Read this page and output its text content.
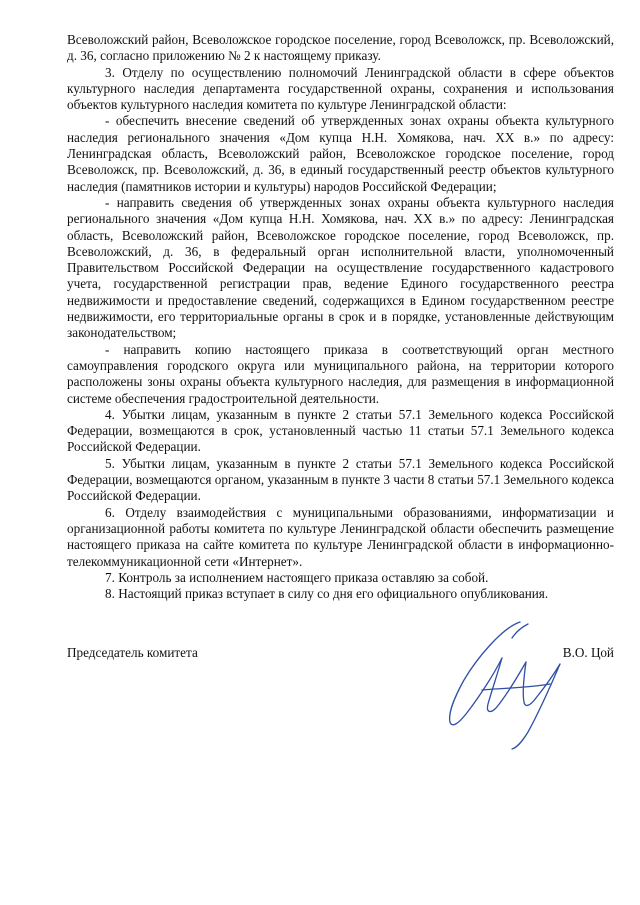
Всеволожский район, Всеволожское городское поселение, город Всеволожск, пр. Всеволожский, д. 36, согласно приложению № 2 к настоящему приказу.

3. Отделу по осуществлению полномочий Ленинградской области в сфере объектов культурного наследия департамента государственной охраны, сохранения и использования объектов культурного наследия комитета по культуре Ленинградской области:

- обеспечить внесение сведений об утвержденных зонах охраны объекта культурного наследия регионального значения «Дом купца Н.Н. Хомякова, нач. XX в.» по адресу: Ленинградская область, Всеволожский район, Всеволожское городское поселение, город Всеволожск, пр. Всеволожский, д. 36, в единый государственный реестр объектов культурного наследия (памятников истории и культуры) народов Российской Федерации;

- направить сведения об утвержденных зонах охраны объекта культурного наследия регионального значения «Дом купца Н.Н. Хомякова, нач. XX в.» по адресу: Ленинградская область, Всеволожский район, Всеволожское городское поселение, город Всеволожск, пр. Всеволожский, д. 36, в федеральный орган исполнительной власти, уполномоченный Правительством Российской Федерации на осуществление государственного кадастрового учета, государственной регистрации прав, ведение Единого государственного реестра недвижимости и предоставление сведений, содержащихся в Едином государственном реестре недвижимости, его территориальные органы в срок и в порядке, установленные действующим законодательством;

- направить копию настоящего приказа в соответствующий орган местного самоуправления городского округа или муниципального района, на территории которого расположены зоны охраны объекта культурного наследия, для размещения в информационной системе обеспечения градостроительной деятельности.

4. Убытки лицам, указанным в пункте 2 статьи 57.1 Земельного кодекса Российской Федерации, возмещаются в срок, установленный частью 11 статьи 57.1 Земельного кодекса Российской Федерации.

5. Убытки лицам, указанным в пункте 2 статьи 57.1 Земельного кодекса Российской Федерации, возмещаются органом, указанным в пункте 3 части 8 статьи 57.1 Земельного кодекса Российской Федерации.

6. Отделу взаимодействия с муниципальными образованиями, информатизации и организационной работы комитета по культуре Ленинградской области обеспечить размещение настоящего приказа на сайте комитета по культуре Ленинградской области в информационно-телекоммуникационной сети «Интернет».

7. Контроль за исполнением настоящего приказа оставляю за собой.

8. Настоящий приказ вступает в силу со дня его официального опубликования.

Председатель комитета	В.О. Цой
